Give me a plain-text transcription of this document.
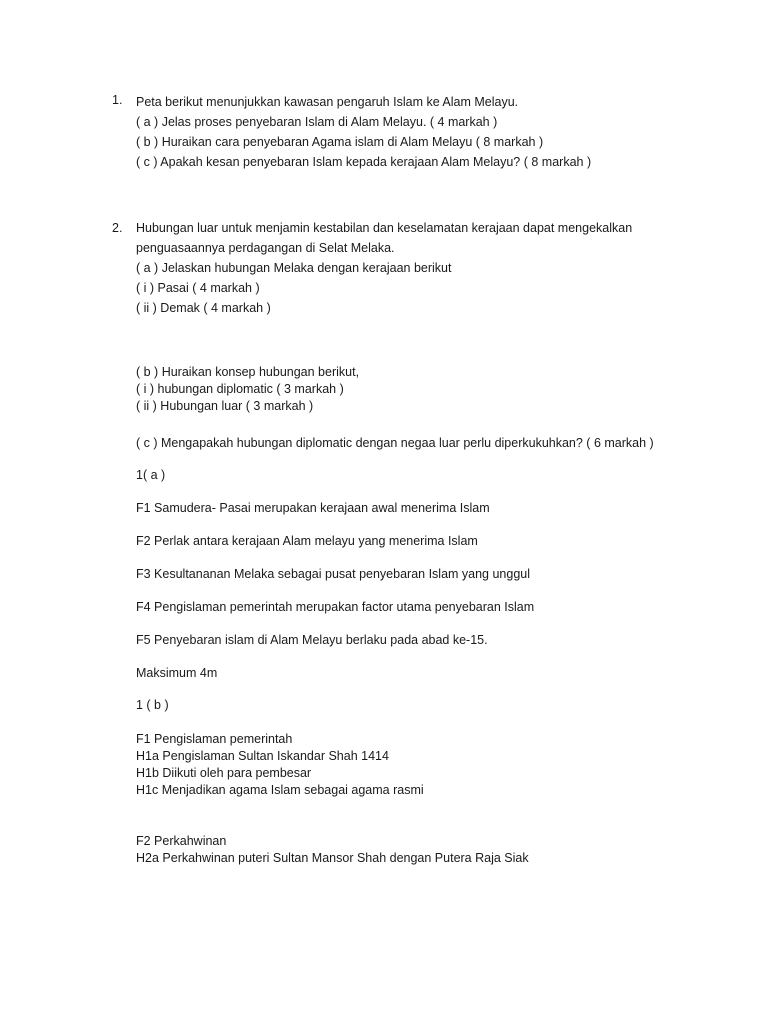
1. Peta berikut menunjukkan kawasan pengaruh Islam ke Alam Melayu.
( a ) Jelas proses penyebaran Islam di Alam Melayu. ( 4 markah )
( b ) Huraikan cara penyebaran Agama islam di Alam Melayu ( 8 markah )
( c ) Apakah kesan penyebaran Islam kepada kerajaan Alam Melayu? ( 8 markah )
2. Hubungan luar untuk menjamin kestabilan dan keselamatan kerajaan dapat mengekalkan
penguasaannya perdagangan di Selat Melaka.
( a ) Jelaskan hubungan Melaka dengan kerajaan berikut
( i ) Pasai ( 4 markah )
( ii ) Demak ( 4 markah )
( b ) Huraikan konsep hubungan berikut,
( i ) hubungan diplomatic ( 3 markah )
( ii ) Hubungan luar ( 3 markah )
( c ) Mengapakah hubungan diplomatic dengan negaa luar perlu diperkukuhkan? ( 6 markah )
1( a )
F1 Samudera- Pasai merupakan kerajaan awal menerima Islam
F2 Perlak antara kerajaan Alam melayu yang menerima Islam
F3 Kesultananan Melaka sebagai pusat penyebaran Islam yang unggul
F4 Pengislaman pemerintah merupakan factor utama penyebaran Islam
F5 Penyebaran islam di Alam Melayu berlaku pada abad ke-15.
Maksimum 4m
1 ( b )
F1 Pengislaman pemerintah
H1a Pengislaman Sultan Iskandar Shah 1414
H1b Diikuti oleh para pembesar
H1c Menjadikan agama Islam sebagai agama rasmi
F2 Perkahwinan
H2a Perkahwinan puteri Sultan Mansor Shah dengan Putera Raja Siak
